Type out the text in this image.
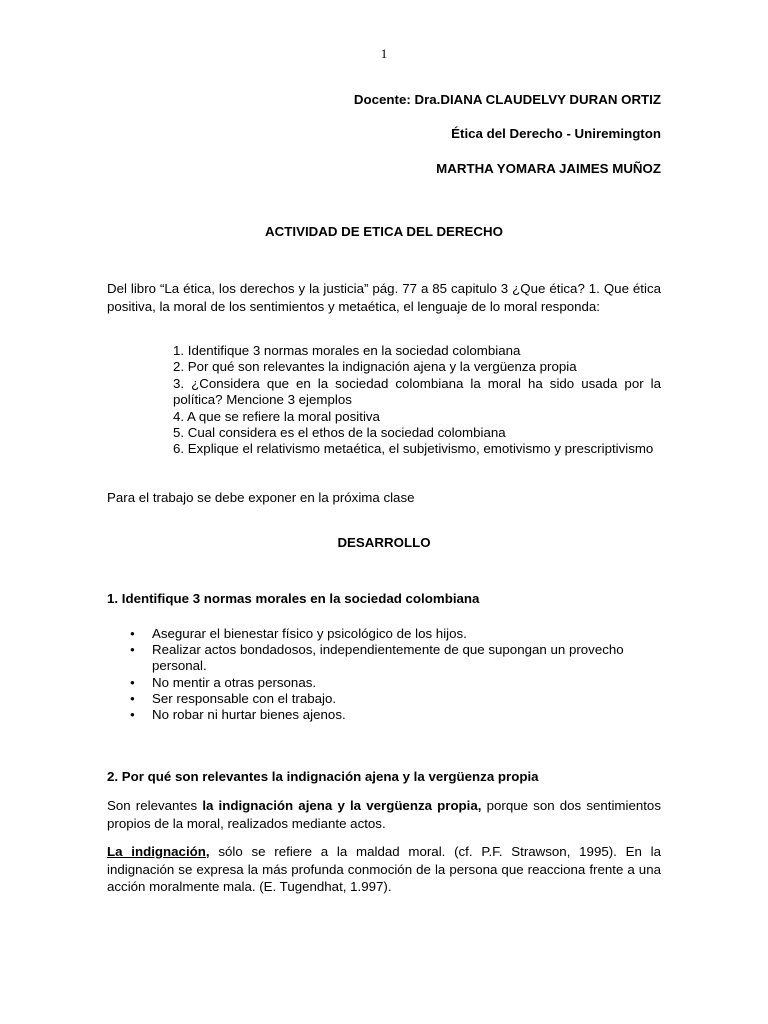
1
Docente: Dra.DIANA CLAUDELVY DURAN ORTIZ
Ética del Derecho - Uniremington
MARTHA YOMARA JAIMES MUÑOZ
ACTIVIDAD DE ETICA DEL DERECHO
Del libro “La ética, los derechos y la justicia” pág. 77 a 85 capitulo 3 ¿Que ética? 1. Que ética positiva, la moral de los sentimientos y metaética, el lenguaje de lo moral responda:
1. Identifique 3 normas morales en la sociedad colombiana
2. Por qué son relevantes la indignación ajena y la vergüenza propia
3. ¿Considera que en la sociedad colombiana la moral ha sido usada por la política? Mencione 3 ejemplos
4. A que se refiere la moral positiva
5. Cual considera es el ethos de la sociedad colombiana
6. Explique el relativismo metaética, el subjetivismo, emotivismo y prescriptivismo
Para el trabajo se debe exponer en la próxima clase
DESARROLLO
1. Identifique 3 normas morales en la sociedad colombiana
● Asegurar el bienestar físico y psicológico de los hijos.
● Realizar actos bondadosos, independientemente de que supongan un provecho personal.
● No mentir a otras personas.
● Ser responsable con el trabajo.
● No robar ni hurtar bienes ajenos.
2. Por qué son relevantes la indignación ajena y la vergüenza propia
Son relevantes la indignación ajena y la vergüenza propia, porque son dos sentimientos propios de la moral, realizados mediante actos.
La indignación, sólo se refiere a la maldad moral. (cf. P.F. Strawson, 1995). En la indignación se expresa la más profunda conmoción de la persona que reacciona frente a una acción moralmente mala. (E. Tugendhat, 1.997).
